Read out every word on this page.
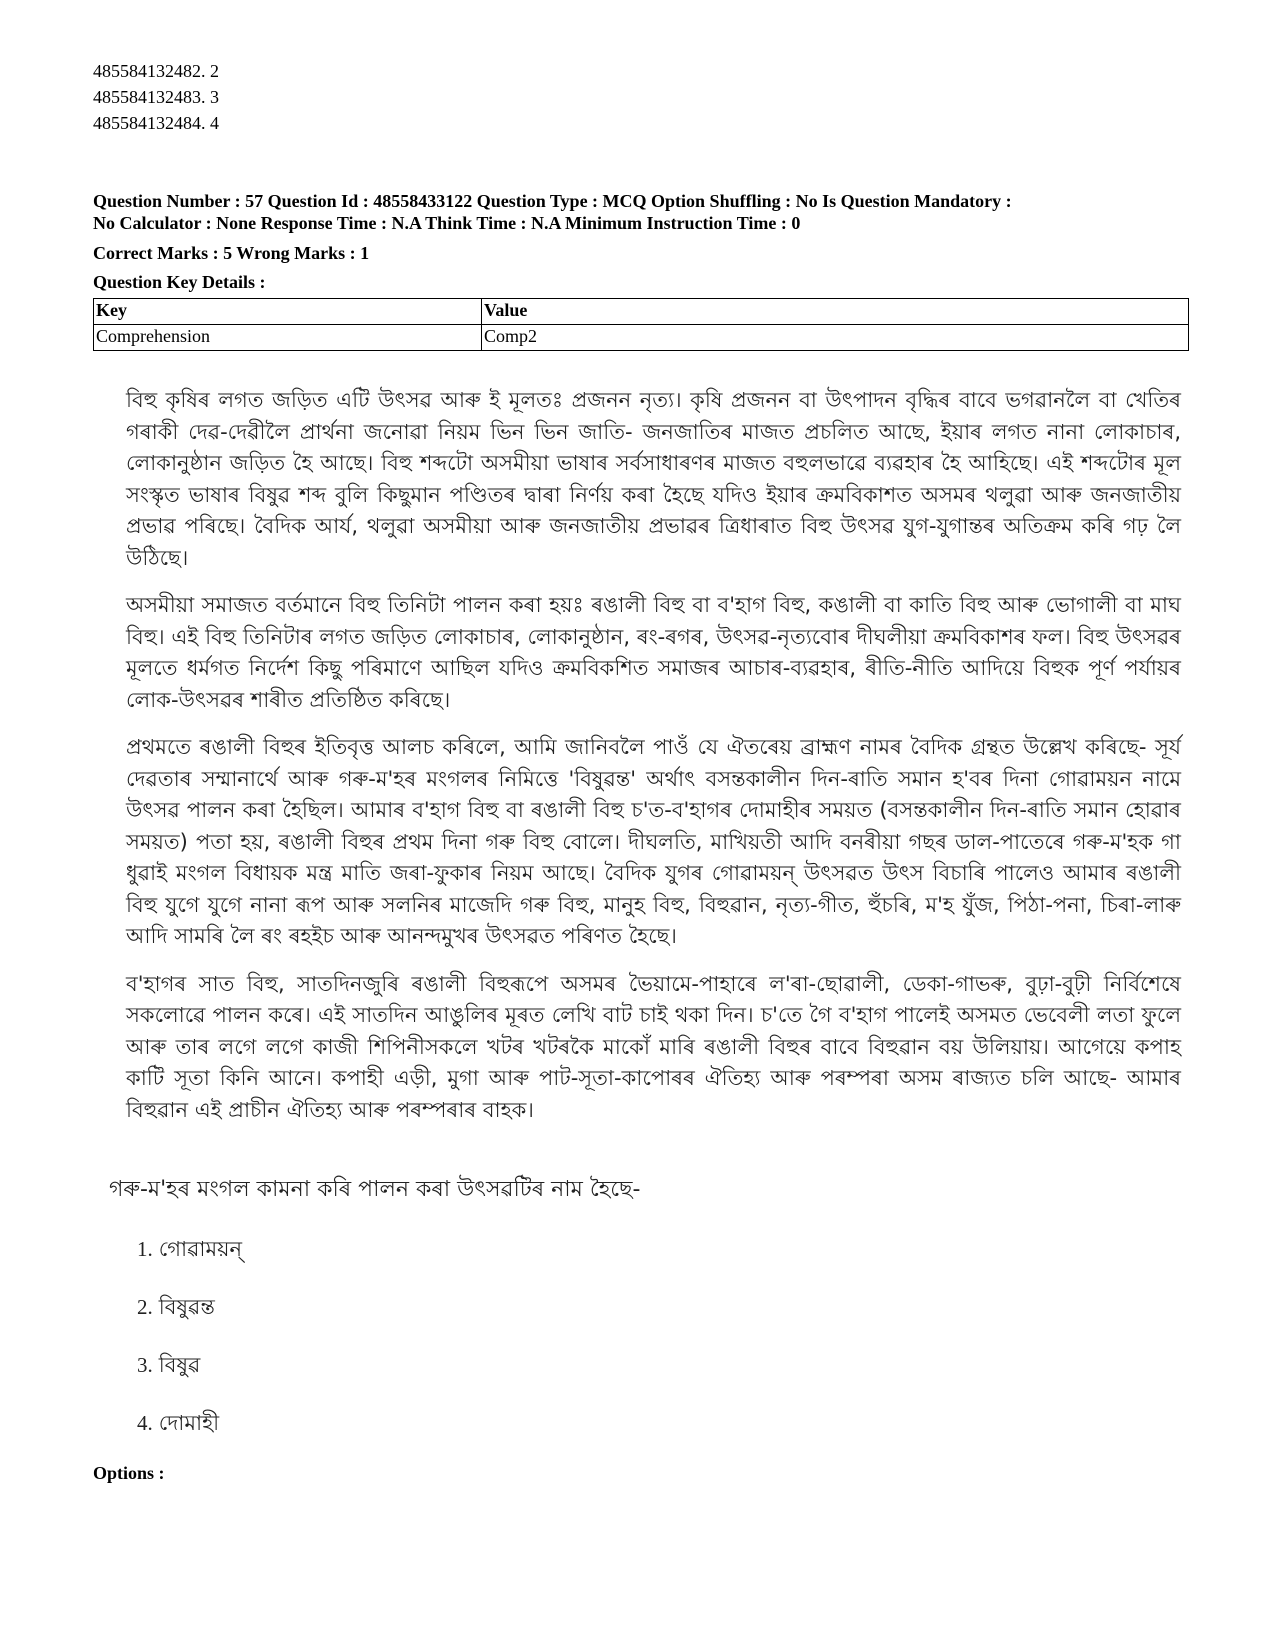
485584132482. 2
485584132483. 3
485584132484. 4
Question Number : 57 Question Id : 48558433122 Question Type : MCQ Option Shuffling : No Is Question Mandatory :
No Calculator : None Response Time : N.A Think Time : N.A Minimum Instruction Time : 0
Correct Marks : 5 Wrong Marks : 1
Question Key Details :
Key	Value
Comprehension	Comp2

বিহু কৃষিৰ লগত জড়িত এটি উৎসৱ আৰু ই মূলতঃ প্ৰজনন নৃত্য। কৃষি প্ৰজনন বা উৎপাদন বৃদ্ধিৰ বাবে ভগৱানলৈ বা খেতিৰ গৰাকী দেৱ-দেৱীলৈ প্ৰাৰ্থনা জনোৱা নিয়ম ভিন ভিন জাতি- জনজাতিৰ মাজত প্ৰচলিত আছে, ইয়াৰ লগত নানা লোকাচাৰ, লোকানুষ্ঠান জড়িত হৈ আছে। বিহু শব্দটো অসমীয়া ভাষাৰ সৰ্বসাধাৰণৰ মাজত বহুলভাৱে ব্যৱহাৰ হৈ আহিছে। এই শব্দটোৰ মূল সংস্কৃত ভাষাৰ বিষুৱ শব্দ বুলি কিছুমান পণ্ডিতৰ দ্বাৰা নিৰ্ণয় কৰা হৈছে যদিও ইয়াৰ ক্ৰমবিকাশত অসমৰ থলুৱা আৰু জনজাতীয় প্ৰভাৱ পৰিছে। বৈদিক আৰ্য, থলুৱা অসমীয়া আৰু জনজাতীয় প্ৰভাৱৰ ত্ৰিধাৰাত বিহু উৎসৱ যুগ-যুগান্তৰ অতিক্ৰম কৰি গঢ় লৈ উঠিছে।

অসমীয়া সমাজত বৰ্তমানে বিহু তিনিটা পালন কৰা হয়ঃ ৰঙালী বিহু বা ব'হাগ বিহু, কঙালী বা কাতি বিহু আৰু ভোগালী বা মাঘ বিহু। এই বিহু তিনিটাৰ লগত জড়িত লোকাচাৰ, লোকানুষ্ঠান, ৰং-ৰগৰ, উৎসৱ-নৃত্যবোৰ দীঘলীয়া ক্ৰমবিকাশৰ ফল। বিহু উৎসৱৰ মূলতে ধৰ্মগত নিৰ্দেশ কিছু পৰিমাণে আছিল যদিও ক্ৰমবিকশিত সমাজৰ আচাৰ-ব্যৱহাৰ, ৰীতি-নীতি আদিয়ে বিহুক পূৰ্ণ পৰ্যায়ৰ লোক-উৎসৱৰ শাৰীত প্ৰতিষ্ঠিত কৰিছে।

প্ৰথমতে ৰঙালী বিহুৰ ইতিবৃত্ত আলচ কৰিলে, আমি জানিবলৈ পাওঁ যে ঐতৰেয় ব্ৰাহ্মণ নামৰ বৈদিক গ্ৰন্থত উল্লেখ কৰিছে- সূৰ্য দেৱতাৰ সম্মানাৰ্থে আৰু গৰু-ম'হৰ মংগলৰ নিমিত্তে 'বিষুৱন্ত' অৰ্থাৎ বসন্তকালীন দিন-ৰাতি সমান হ'বৰ দিনা গোৱাময়ন নামে উৎসৱ পালন কৰা হৈছিল। আমাৰ ব'হাগ বিহু বা ৰঙালী বিহু চ'ত-ব'হাগৰ দোমাহীৰ সময়ত (বসন্তকালীন দিন-ৰাতি সমান হোৱাৰ সময়ত) পতা হয়, ৰঙালী বিহুৰ প্ৰথম দিনা গৰু বিহু বোলে। দীঘলতি, মাখিয়তী আদি বনৰীয়া গছৰ ডাল-পাতেৰে গৰু-ম'হক গা ধুৱাই মংগল বিধায়ক মন্ত্ৰ মাতি জৰা-ফুকাৰ নিয়ম আছে। বৈদিক যুগৰ গোৱাময়ন্ উৎসৱত উৎস বিচাৰি পালেও আমাৰ ৰঙালী বিহু যুগে যুগে নানা ৰূপ আৰু সলনিৰ মাজেদি গৰু বিহু, মানুহ বিহু, বিহুৱান, নৃত্য-গীত, হুঁচৰি, ম'হ যুঁজ, পিঠা-পনা, চিৰা-লাৰু আদি সামৰি লৈ ৰং ৰহইচ আৰু আনন্দমুখৰ উৎসৱত পৰিণত হৈছে।

ব'হাগৰ সাত বিহু, সাতদিনজুৰি ৰঙালী বিহুৰূপে অসমৰ ভৈয়ামে-পাহাৰে ল'ৰা-ছোৱালী, ডেকা-গাভৰু, বুঢ়া-বুঢ়ী নিৰ্বিশেষে সকলোৱে পালন কৰে। এই সাতদিন আঙুলিৰ মূৰত লেখি বাট চাই থকা দিন। চ'তে গৈ ব'হাগ পালেই অসমত ভেবেলী লতা ফুলে আৰু তাৰ লগে লগে কাজী শিপিনীসকলে খটৰ খটৰকৈ মাকোঁ মাৰি ৰঙালী বিহুৰ বাবে বিহুৱান বয় উলিয়ায়। আগেয়ে কপাহ কাটি সূতা কিনি আনে। কপাহী এড়ী, মুগা আৰু পাট-সূতা-কাপোৰৰ ঐতিহ্য আৰু পৰম্পৰা অসম ৰাজ্যত চলি আছে- আমাৰ বিহুৱান এই প্ৰাচীন ঐতিহ্য আৰু পৰম্পৰাৰ বাহক।

গৰু-ম'হৰ মংগল কামনা কৰি পালন কৰা উৎসৱটিৰ নাম হৈছে-
1. গোৱাময়ন্
2. বিষুৱন্ত
3. বিষুৱ
4. দোমাহী
Options :
